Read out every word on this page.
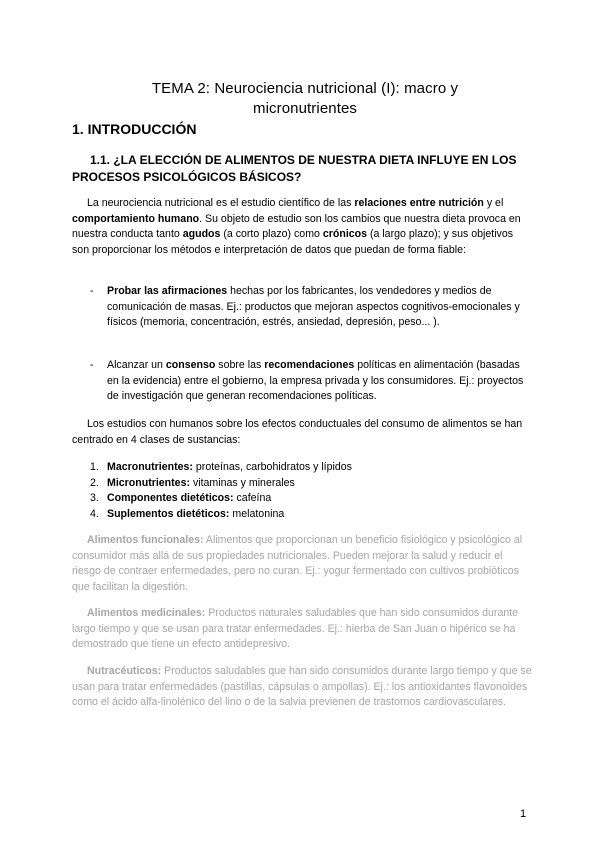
TEMA 2: Neurociencia nutricional (I): macro y micronutrientes
1. INTRODUCCIÓN
1.1. ¿LA ELECCIÓN DE ALIMENTOS DE NUESTRA DIETA INFLUYE EN LOS PROCESOS PSICOLÓGICOS BÁSICOS?
La neurociencia nutricional es el estudio científico de las relaciones entre nutrición y el comportamiento humano. Su objeto de estudio son los cambios que nuestra dieta provoca en nuestra conducta tanto agudos (a corto plazo) como crónicos (a largo plazo); y sus objetivos son proporcionar los métodos e interpretación de datos que puedan de forma fiable:
- Probar las afirmaciones hechas por los fabricantes, los vendedores y medios de comunicación de masas. Ej.: productos que mejoran aspectos cognitivos-emocionales y físicos (memoria, concentración, estrés, ansiedad, depresión, peso... ).
- Alcanzar un consenso sobre las recomendaciones políticas en alimentación (basadas en la evidencia) entre el gobierno, la empresa privada y los consumidores. Ej.: proyectos de investigación que generan recomendaciones políticas.
Los estudios con humanos sobre los efectos conductuales del consumo de alimentos se han centrado en 4 clases de sustancias:
1. Macronutrientes: proteínas, carbohidratos y lípidos
2. Micronutrientes: vitaminas y minerales
3. Componentes dietéticos: cafeína
4. Suplementos dietéticos: melatonina
Alimentos funcionales: Alimentos que proporcionan un beneficio fisiológico y psicológico al consumidor más allá de sus propiedades nutricionales. Pueden mejorar la salud y reducir el riesgo de contraer enfermedades, pero no curan. Ej.: yogur fermentado con cultivos probióticos que facilitan la digestión.
Alimentos medicinales: Productos naturales saludables que han sido consumidos durante largo tiempo y que se usan para tratar enfermedades. Ej.: hierba de San Juan o hipérico se ha demostrado que tiene un efecto antidepresivo.
Nutracéuticos: Productos saludables que han sido consumidos durante largo tiempo y que se usan para tratar enfermedades (pastillas, cápsulas o ampollas). Ej.: los antioxidantes flavonoides como el ácido alfa-linolénico del lino o de la salvia previenen de trastornos cardiovasculares.
1
